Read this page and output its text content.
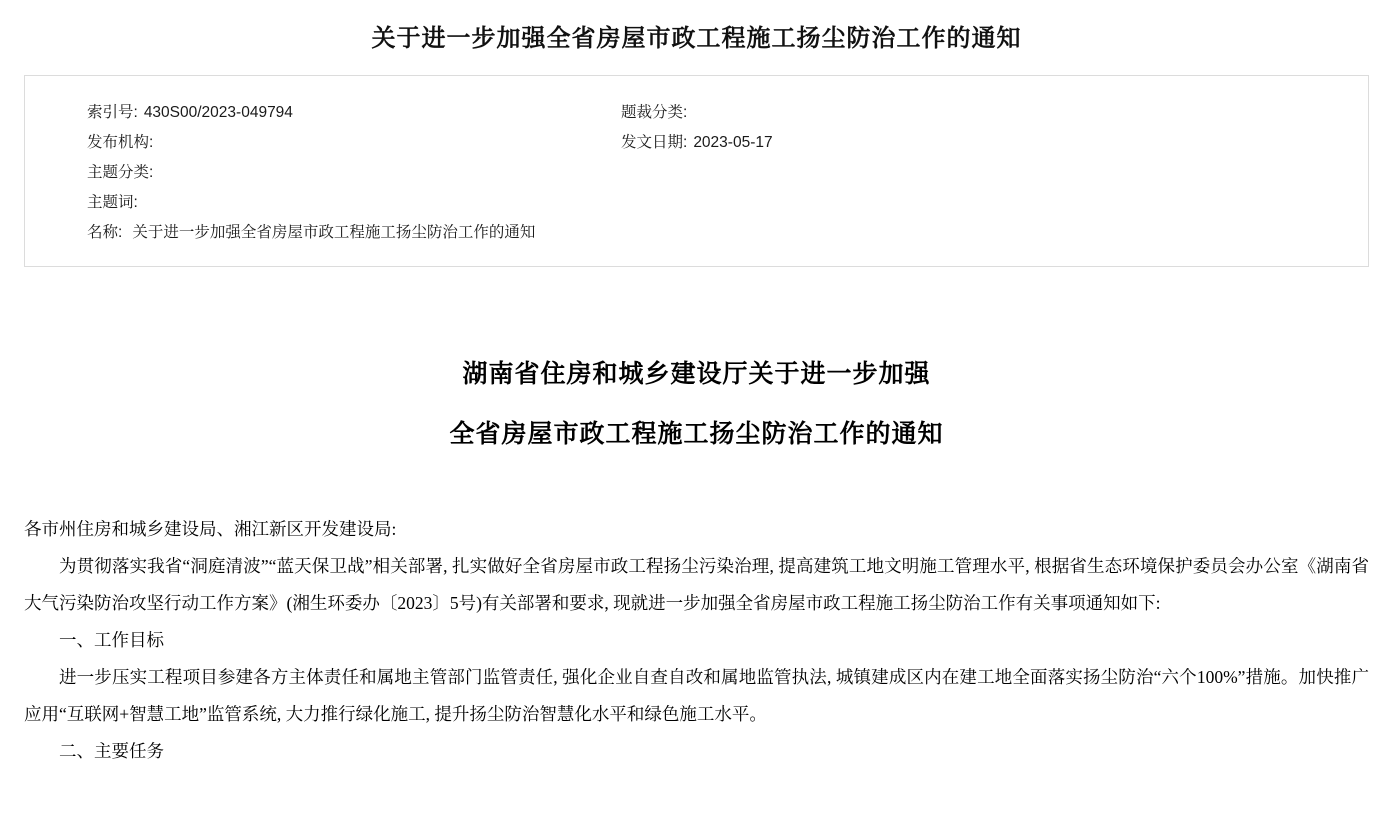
关于进一步加强全省房屋市政工程施工扬尘防治工作的通知
索引号: 430S00/2023-049794	题裁分类:
发布机构:	发文日期: 2023-05-17
主题分类:
主题词:
名称: 关于进一步加强全省房屋市政工程施工扬尘防治工作的通知
湖南省住房和城乡建设厅关于进一步加强
全省房屋市政工程施工扬尘防治工作的通知

各市州住房和城乡建设局、湘江新区开发建设局:

为贯彻落实我省“洞庭清波”“蓝天保卫战”相关部署, 扎实做好全省房屋市政工程扬尘污染治理, 提高建筑工地文明施工管理水平, 根据省生态环境保护委员会办公室《湖南省大气污染防治攻坚行动工作方案》(湘生环委办〔2023〕5号)有关部署和要求, 现就进一步加强全省房屋市政工程施工扬尘防治工作有关事项通知如下:

一、工作目标

进一步压实工程项目参建各方主体责任和属地主管部门监管责任, 强化企业自查自改和属地监管执法, 城镇建成区内在建工地全面落实扬尘防治“六个100%”措施。加快推广应用“互联网+智慧工地”监管系统, 大力推行绿化施工, 提升扬尘防治智慧化水平和绿色施工水平。

二、主要任务
